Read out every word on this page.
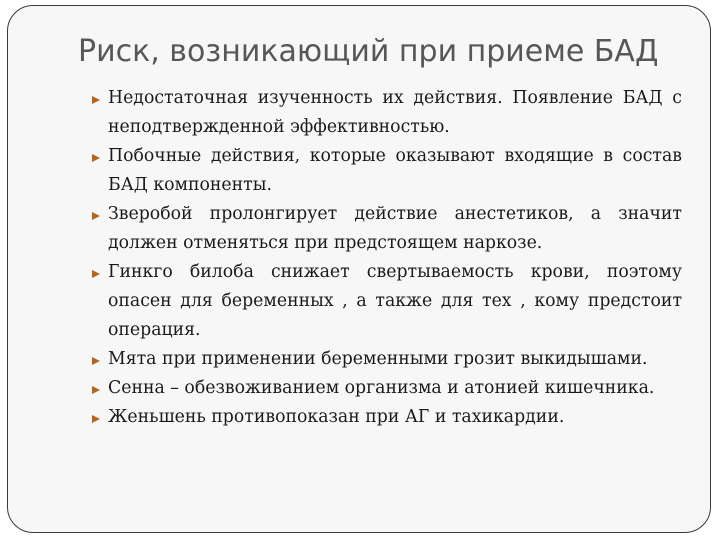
Риск, возникающий при приеме БАД
Недостаточная изученность их действия. Появление БАД с неподтвержденной эффективностью.
Побочные действия, которые оказывают входящие в состав БАД компоненты.
Зверобой пролонгирует действие анестетиков, а значит должен отменяться при предстоящем наркозе.
Гинкго билоба снижает свертываемость крови, поэтому опасен для беременных , а также для тех , кому предстоит операция.
Мята при применении беременными грозит выкидышами.
Сенна – обезвоживанием организма и атонией кишечника.
Женьшень противопоказан при АГ и тахикардии.
